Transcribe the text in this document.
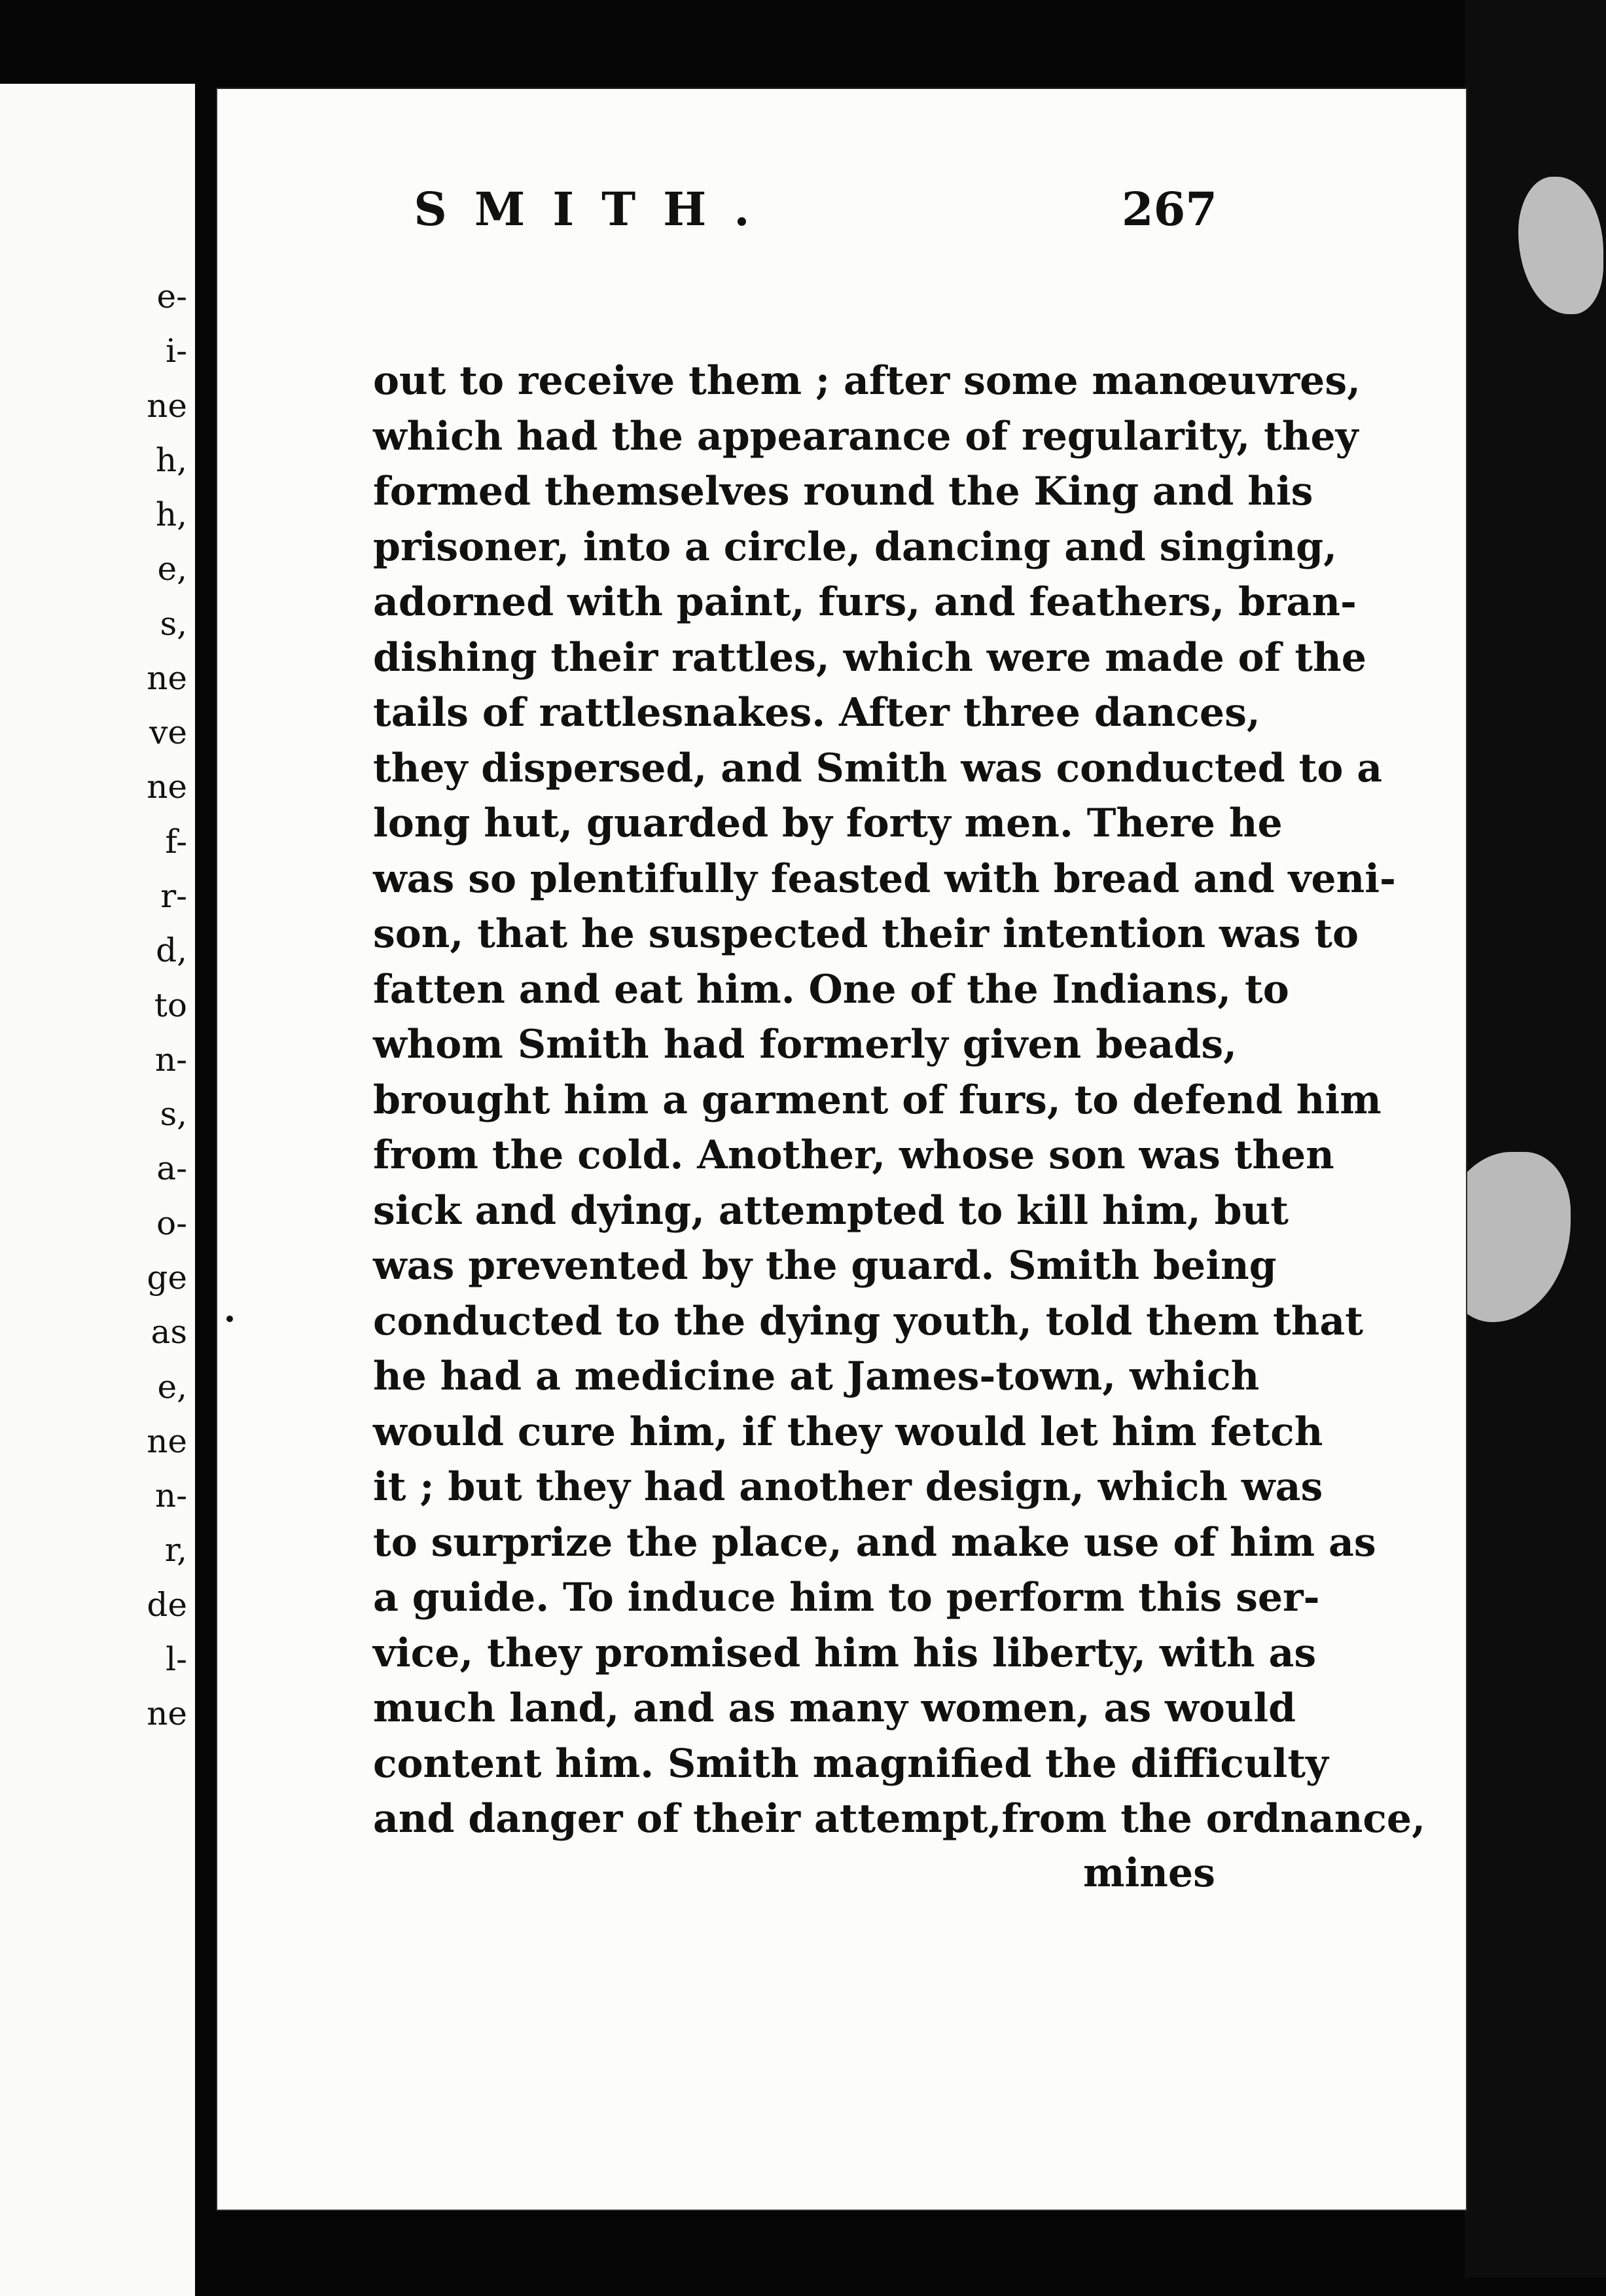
e-
i-
ne
h,
h,
e,
s,
ne
ve
ne
f-
r-
d,
to
n-
s,
a-
o-
ge
as
e,
ne
n-
r,
de
l-
ne
SMITH.	267
out to receive them ; after some manœuvres,
which had the appearance of regularity, they
formed themselves round the King and his
prisoner, into a circle, dancing and singing,
adorned with paint, furs, and feathers, bran-
dishing their rattles, which were made of the
tails of rattlesnakes. After three dances,
they dispersed, and Smith was conducted to a
long hut, guarded by forty men. There he
was so plentifully feasted with bread and veni-
son, that he suspected their intention was to
fatten and eat him. One of the Indians, to
whom Smith had formerly given beads,
brought him a garment of furs, to defend him
from the cold. Another, whose son was then
sick and dying, attempted to kill him, but
was prevented by the guard. Smith being
conducted to the dying youth, told them that
he had a medicine at James-town, which
would cure him, if they would let him fetch
it ; but they had another design, which was
to surprize the place, and make use of him as
a guide. To induce him to perform this ser-
vice, they promised him his liberty, with as
much land, and as many women, as would
content him. Smith magnified the difficulty
and danger of their attempt,from the ordnance,
mines
